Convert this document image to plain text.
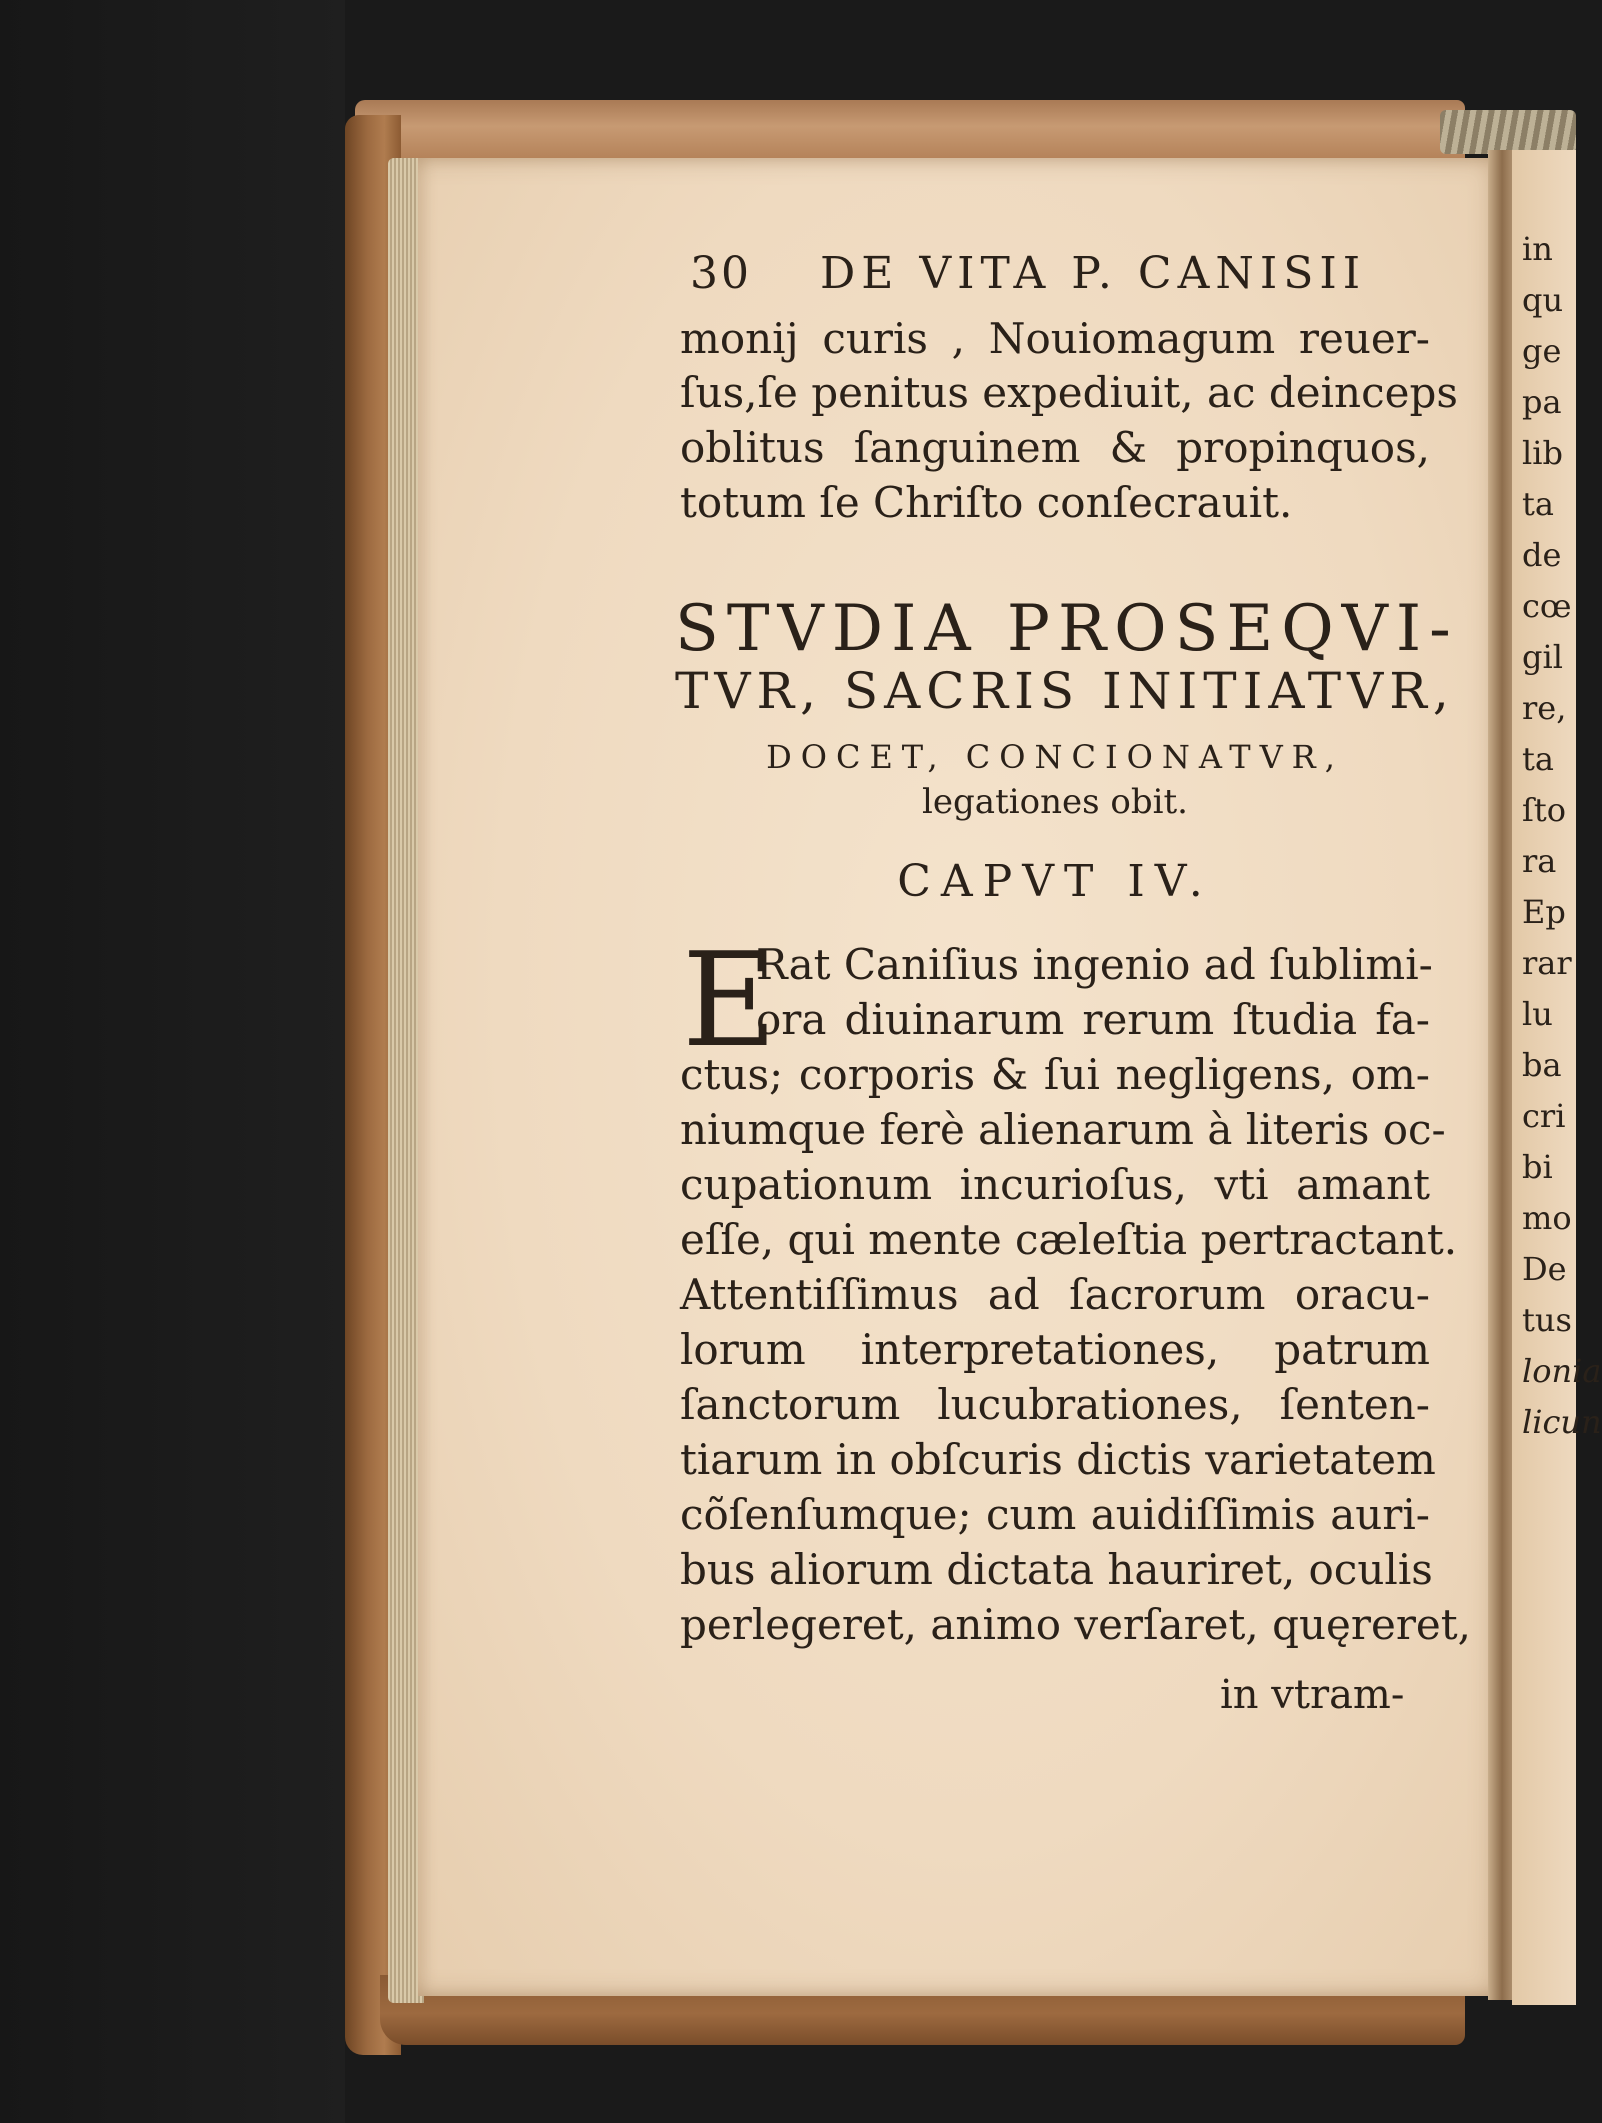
in
qu
ge
pa
lib
ta
de
cœ
gil
re,
ta
ſto
ra
Ep
rar
lu
ba
cri
bi
mo
De
tus
lonia
licun
30 DE VITA P. CANISII
monij curis , Nouiomagum reuer-
ſus,ſe penitus expediuit, ac deinceps
oblitus ſanguinem & propinquos,
totum ſe Chriſto conſecrauit.
STVDIA PROSEQVI-
TVR, SACRIS INITIATVR,
DOCET, CONCIONATVR,
legationes obit.
CAPVT IV.
E
Rat Caniſius ingenio ad ſublimi-
ora diuinarum rerum ſtudia fa-
ctus; corporis & ſui negligens, om-
niumque ferè alienarum à literis oc-
cupationum incurioſus, vti amant
eſſe, qui mente cæleſtia pertractant.
Attentiſſimus ad ſacrorum oracu-
lorum interpretationes, patrum
ſanctorum lucubrationes, ſenten-
tiarum in obſcuris dictis varietatem
cõſenſumque; cum auidiſſimis auri-
bus aliorum dictata hauriret, oculis
perlegeret, animo verſaret, quęreret,
in vtram-
